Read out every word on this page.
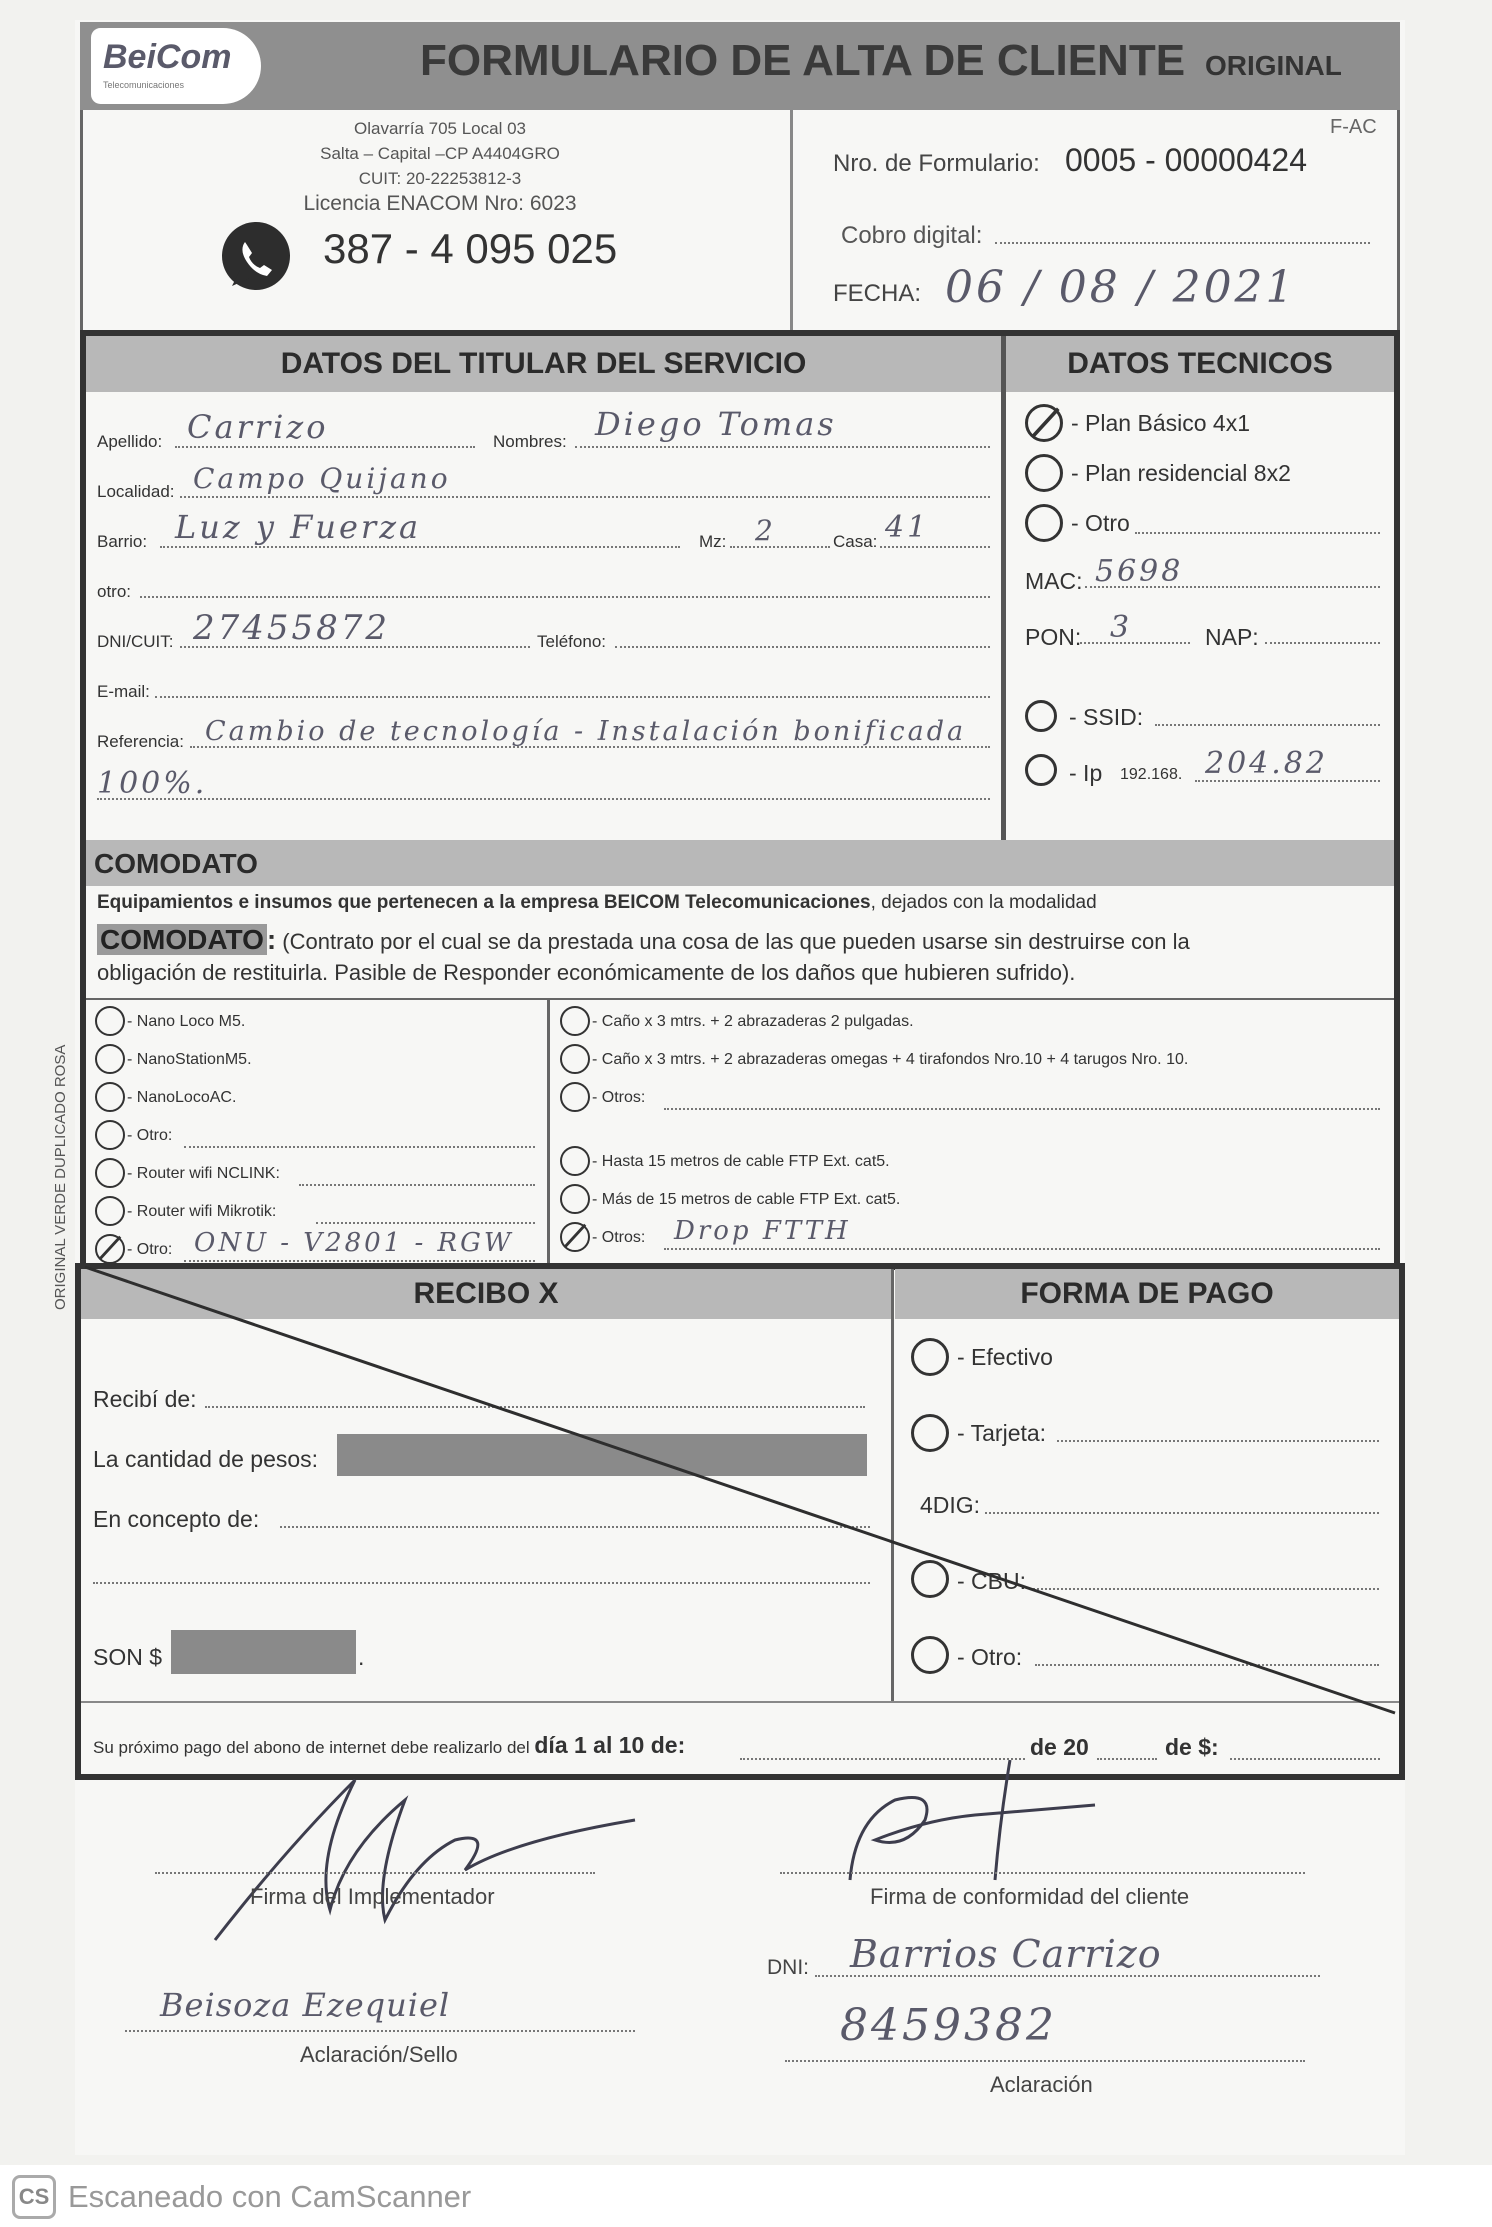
BeiCom
Telecomunicaciones	FORMULARIO DE ALTA DE CLIENTE ORIGINAL
Olavarría 705 Local 03
Salta – Capital –CP A4404GRO
CUIT: 20-22253812-3
Licencia ENACOM Nro: 6023
387 - 4 095 025
F-AC
Nro. de Formulario: 0005 - 00000424
Cobro digital:
FECHA: 06 / 08 / 2021
DATOS DEL TITULAR DEL SERVICIO	DATOS TECNICOS
Apellido: Carrizo	Nombres: Diego Tomas
Localidad: Campo Quijano
Barrio: Luz y Fuerza	Mz: 2	Casa: 41
otro:
DNI/CUIT: 27455872	Teléfono:
E-mail:
Referencia: Cambio de tecnología - Instalación bonificada
100%.
- Plan Básico 4x1
- Plan residencial 8x2
- Otro
MAC: 5698
PON: 3	NAP:
- SSID:
- Ip 192.168. 204.82
COMODATO
Equipamientos e insumos que pertenecen a la empresa BEICOM Telecomunicaciones, dejados con la modalidad
COMODATO : (Contrato por el cual se da prestada una cosa de las que pueden usarse sin destruirse con la
obligación de restituirla. Pasible de Responder económicamente de los daños que hubieren sufrido).
- Nano Loco M5.
- NanoStationM5.
- NanoLocoAC.
- Otro:
- Router wifi NCLINK:
- Router wifi Mikrotik:
- Otro: ONU - V2801 - RGW
- Caño x 3 mtrs. + 2 abrazaderas 2 pulgadas.
- Caño x 3 mtrs. + 2 abrazaderas omegas + 4 tirafondos Nro.10 + 4 tarugos Nro. 10.
- Otros:
- Hasta 15 metros de cable FTP Ext. cat5.
- Más de 15 metros de cable FTP Ext. cat5.
- Otros: Drop FTTH
RECIBO X	FORMA DE PAGO
Recibí de:
La cantidad de pesos:
En concepto de:
SON $	.
- Efectivo
- Tarjeta:
4DIG:
- CBU:
- Otro:
Su próximo pago del abono de internet debe realizarlo del día 1 al 10 de:	de 20	de $:
Firma del Implementador
Beisoza Ezequiel
Aclaración/Sello
Firma de conformidad del cliente
DNI: Barrios Carrizo
8459382
Aclaración
ORIGINAL VERDE DUPLICADO ROSA
CS Escaneado con CamScanner
